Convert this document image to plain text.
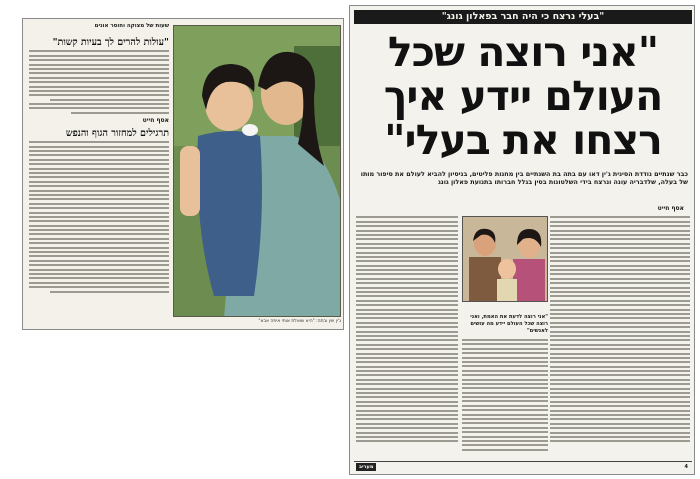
שעות של מצוקה וחוסר אונים
"עולות להרים לך בעיות קשות"
אסף חייט
תרגילים למחזור הגוף והנפש
ג'ין שין ובתה: "היא שואלת אותי איפה אבא"
"בעלי נרצח כי היה חבר בפאלון גונג"
"אני רוצה שכל
העולם יידע איך
רצחו את בעלי"
כבר שנתיים נודדת הסינית ג'ין דאו עם בתה בת השנתיים בין מחנות פליטים, בניסיון להביא לעולם את סיפור מותו של בעלה, שלדבריה עונה ונרצח בידי השלטונות בסין בגלל חברותו בתנועת פאלון גונג
אסף חייט
"אני רוצה לדעת את האמת, ואני רוצה שכל העולם יידע מה עושים לאנשים"
מעריב	4
